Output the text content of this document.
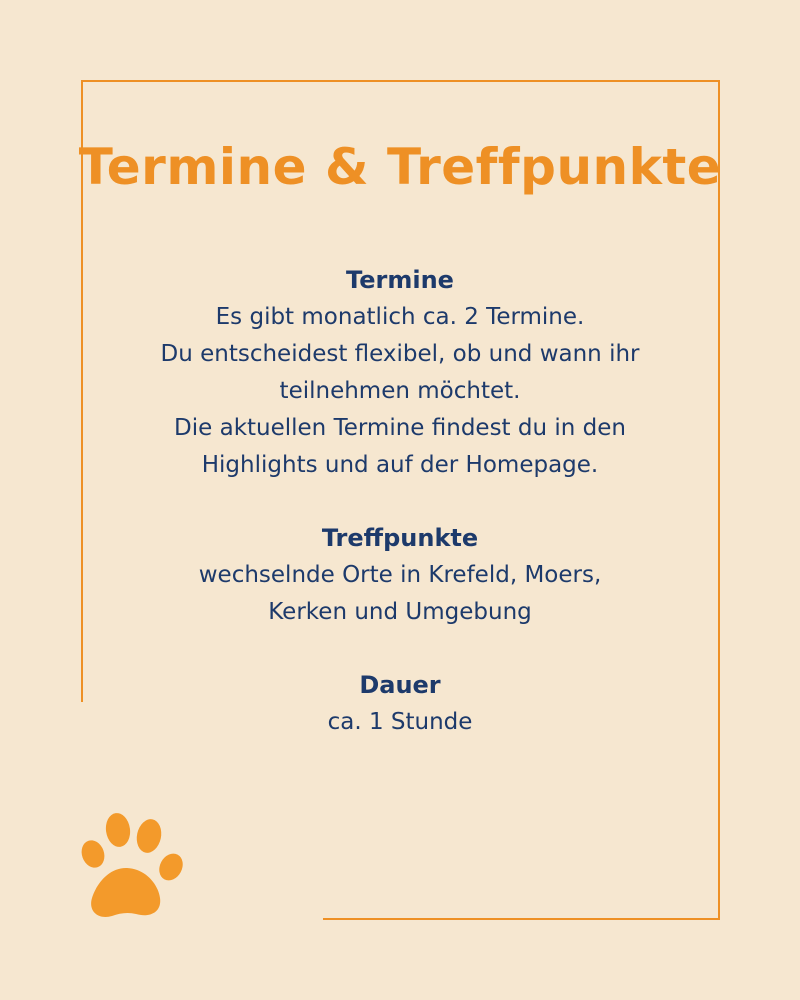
Termine & Treffpunkte

Termine

Es gibt monatlich ca. 2 Termine.

Du entscheidest flexibel, ob und wann ihr

teilnehmen möchtet.

Die aktuellen Termine findest du in den

Highlights und auf der Homepage.

Treffpunkte

wechselnde Orte in Krefeld, Moers,

Kerken und Umgebung

Dauer

ca. 1 Stunde
